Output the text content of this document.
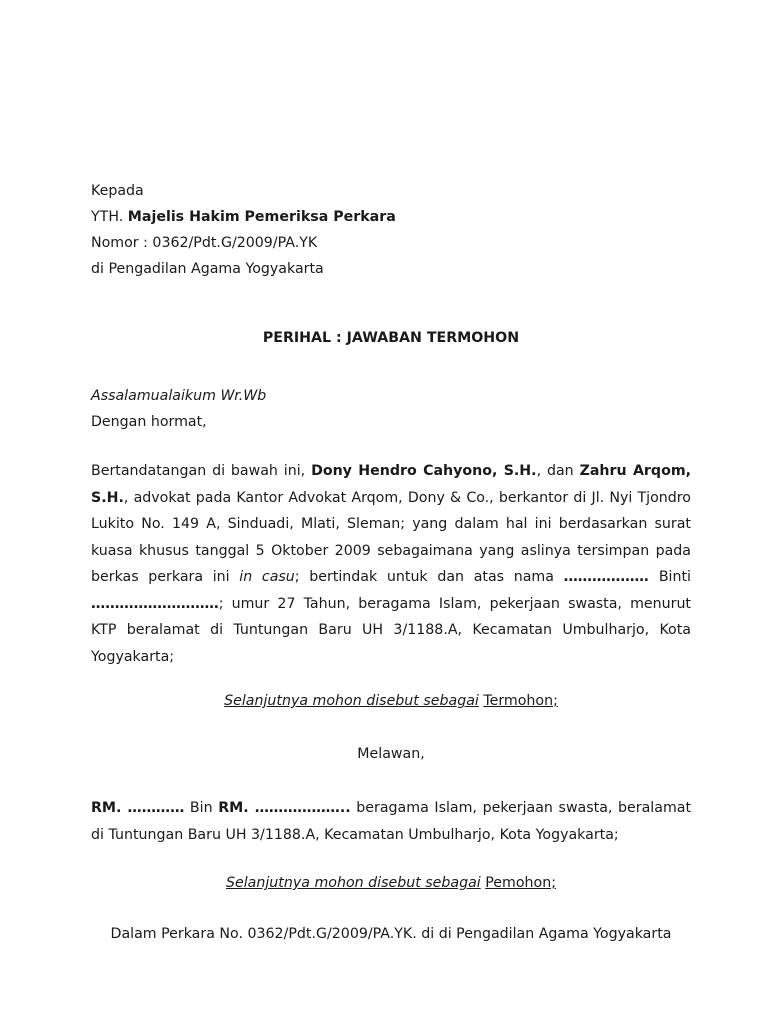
Kepada
YTH. Majelis Hakim Pemeriksa Perkara
Nomor : 0362/Pdt.G/2009/PA.YK
di Pengadilan Agama Yogyakarta
PERIHAL : JAWABAN TERMOHON
Assalamualaikum Wr.Wb
Dengan hormat,
Bertandatangan di bawah ini, Dony Hendro Cahyono, S.H., dan Zahru Arqom, S.H., advokat pada Kantor Advokat Arqom, Dony & Co., berkantor di Jl. Nyi Tjondro Lukito No. 149 A, Sinduadi, Mlati, Sleman; yang dalam hal ini berdasarkan surat kuasa khusus tanggal 5 Oktober 2009 sebagaimana yang aslinya tersimpan pada berkas perkara ini in casu; bertindak untuk dan atas nama ……………… Binti ………………………; umur 27 Tahun, beragama Islam, pekerjaan swasta, menurut KTP beralamat di Tuntungan Baru UH 3/1188.A, Kecamatan Umbulharjo, Kota Yogyakarta;
Selanjutnya mohon disebut sebagai Termohon;
Melawan,
RM. ………… Bin RM. ……………….. beragama Islam, pekerjaan swasta, beralamat di Tuntungan Baru UH 3/1188.A, Kecamatan Umbulharjo, Kota Yogyakarta;
Selanjutnya mohon disebut sebagai Pemohon;
Dalam Perkara No. 0362/Pdt.G/2009/PA.YK. di di Pengadilan Agama Yogyakarta
